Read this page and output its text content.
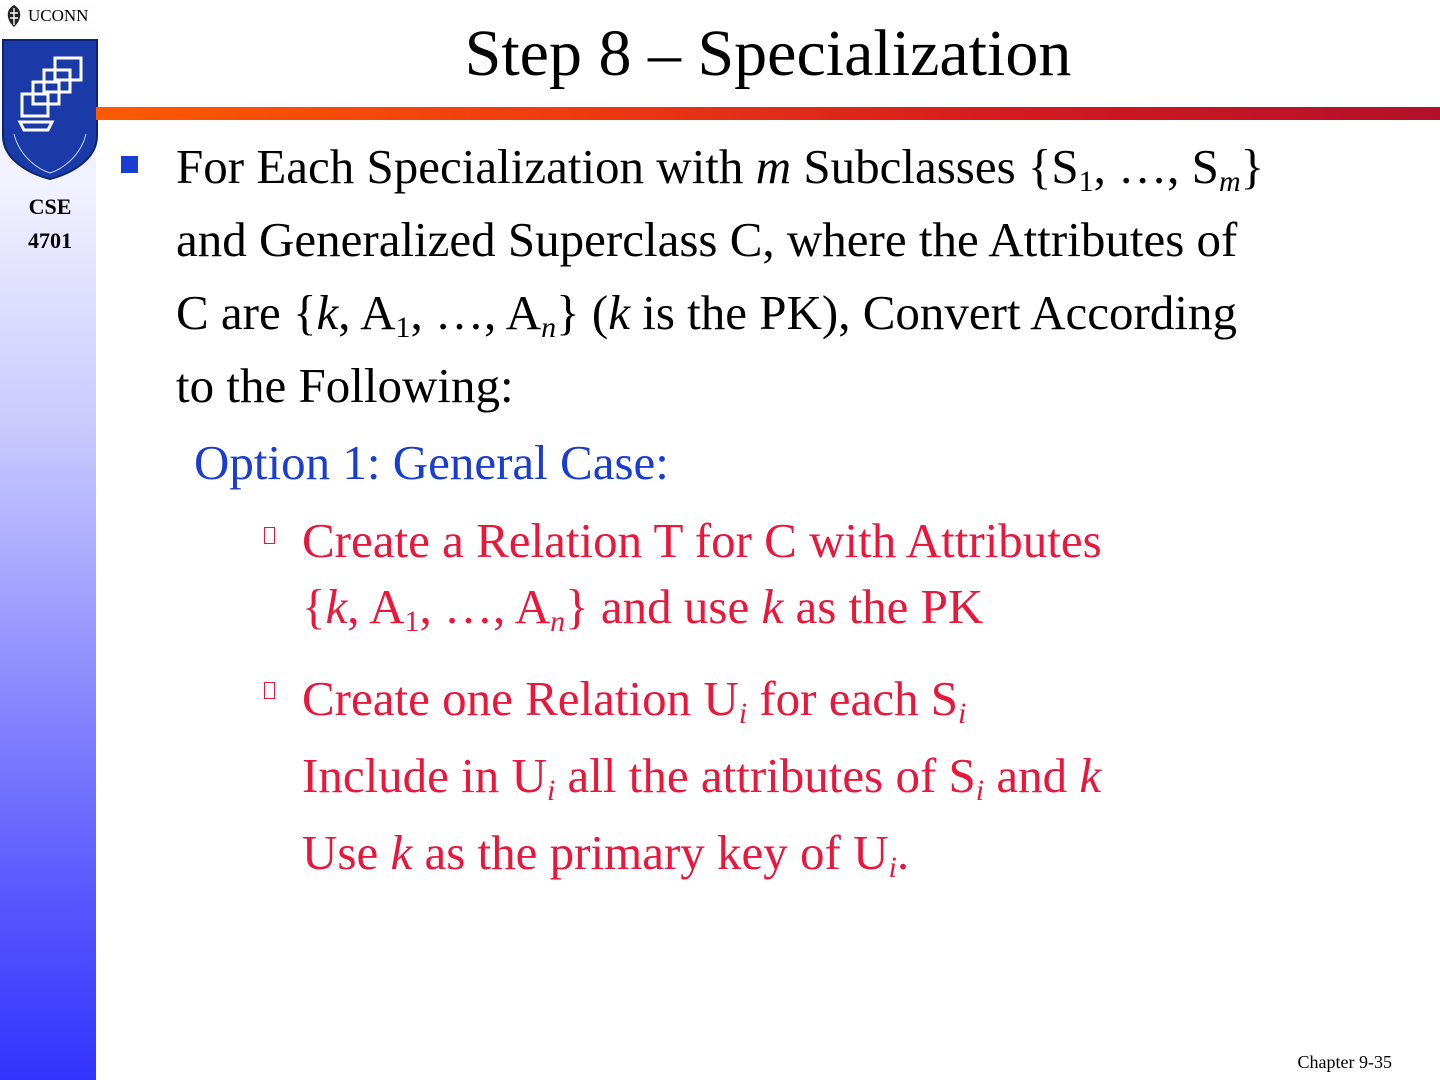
UCONN
CSE
4701
Step 8 – Specialization
For Each Specialization with m Subclasses {$S_1$, …, $S_m$}
and Generalized Superclass C, where the Attributes of
C are {k, $A_1$, …, $A_n$} (k is the PK), Convert According
to the Following:
Option 1: General Case:
Create a Relation T for C with Attributes
{k, $A_1$, …, $A_n$} and use k as the PK
Create one Relation $U_i$ for each $S_i$
Include in $U_i$ all the attributes of $S_i$ and k
Use k as the primary key of $U_i$.
Chapter 9-35
